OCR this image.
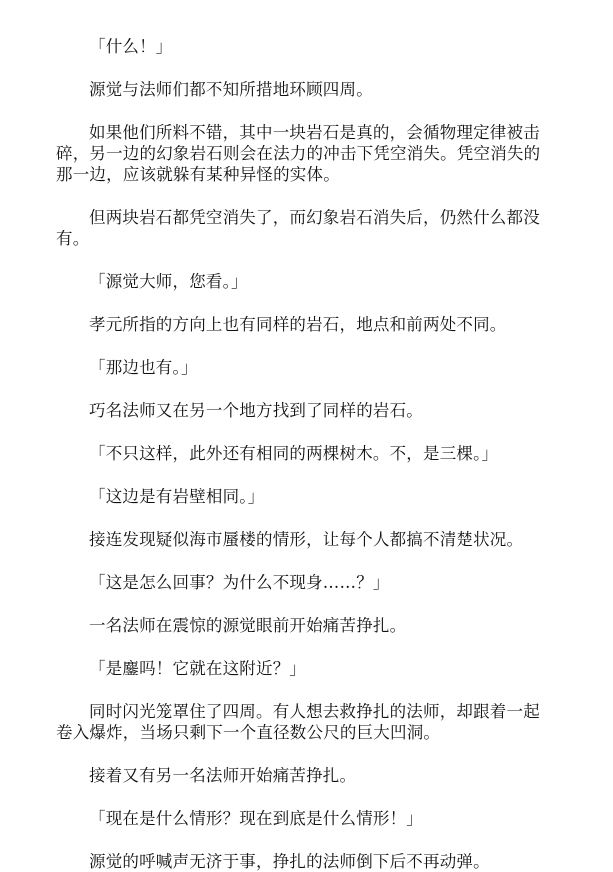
「什么！」

源觉与法师们都不知所措地环顾四周。

如果他们所料不错，其中一块岩石是真的，会循物理定律被击碎，另一边的幻象岩石则会在法力的冲击下凭空消失。凭空消失的那一边，应该就躲有某种异怪的实体。

但两块岩石都凭空消失了，而幻象岩石消失后，仍然什么都没有。

「源觉大师，您看。」

孝元所指的方向上也有同样的岩石，地点和前两处不同。

「那边也有。」

巧名法师又在另一个地方找到了同样的岩石。

「不只这样，此外还有相同的两棵树木。不，是三棵。」

「这边是有岩壁相同。」

接连发现疑似海市蜃楼的情形，让每个人都搞不清楚状况。

「这是怎么回事？为什么不现身……？」

一名法师在震惊的源觉眼前开始痛苦挣扎。

「是鏖吗！它就在这附近？」

同时闪光笼罩住了四周。有人想去救挣扎的法师，却跟着一起卷入爆炸，当场只剩下一个直径数公尺的巨大凹洞。

接着又有另一名法师开始痛苦挣扎。

「现在是什么情形？现在到底是什么情形！」

源觉的呼喊声无济于事，挣扎的法师倒下后不再动弹。
